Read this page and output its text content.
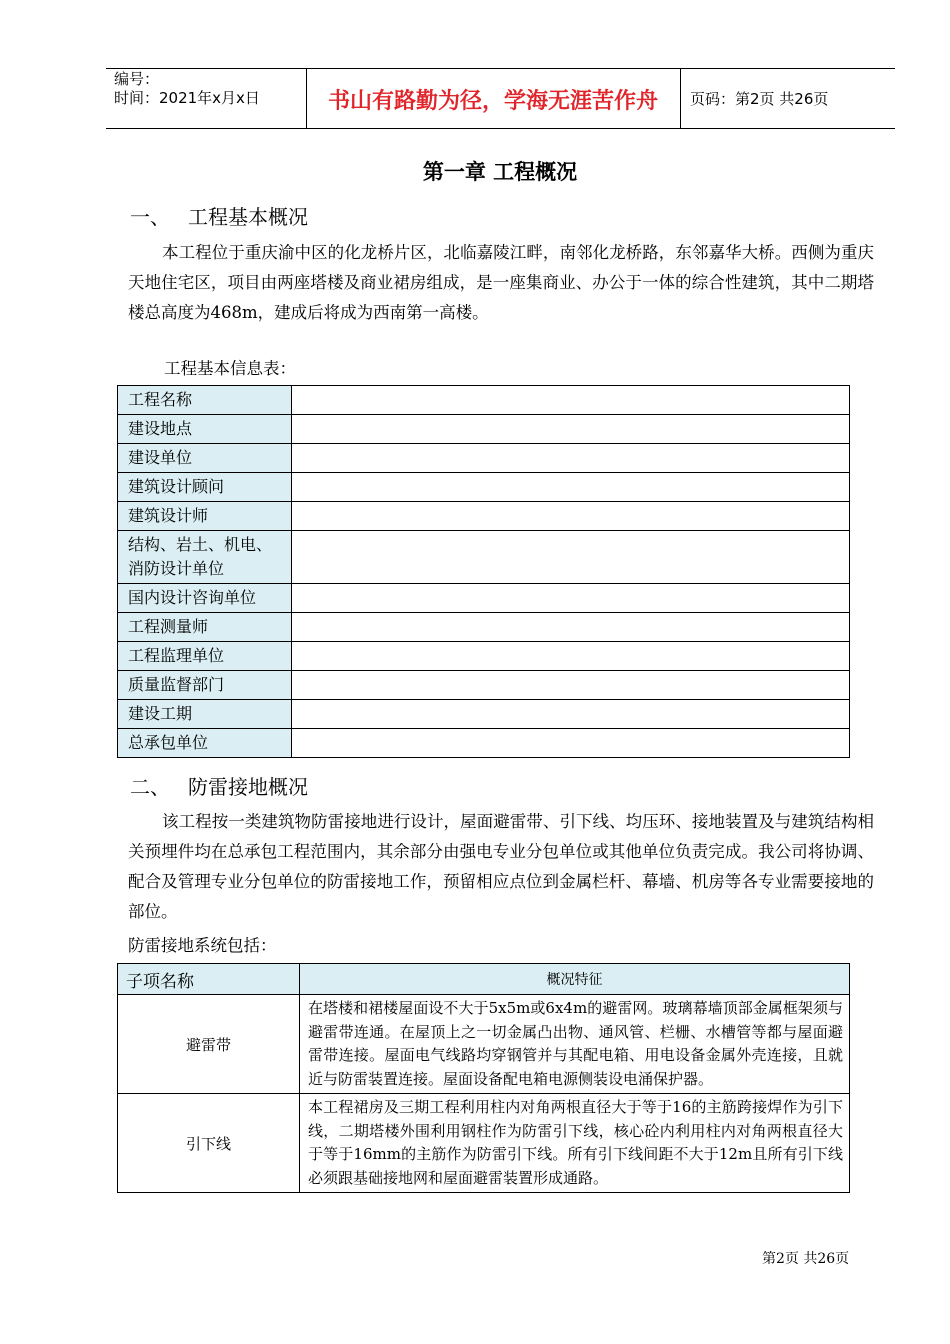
编号：
时间：2021年x月x日	书山有路勤为径，学海无涯苦作舟	页码：第2页 共26页
第一章 工程概况
一、 工程基本概况
本工程位于重庆渝中区的化龙桥片区，北临嘉陵江畔，南邻化龙桥路，东邻嘉华大桥。西侧为重庆天地住宅区，项目由两座塔楼及商业裙房组成，是一座集商业、办公于一体的综合性建筑，其中二期塔楼总高度为468m，建成后将成为西南第一高楼。
工程基本信息表：
工程名称	
建设地点	
建设单位	
建筑设计顾问	
建筑设计师	
结构、岩土、机电、消防设计单位	
国内设计咨询单位	
工程测量师	
工程监理单位	
质量监督部门	
建设工期	
总承包单位	
二、 防雷接地概况
该工程按一类建筑物防雷接地进行设计，屋面避雷带、引下线、均压环、接地装置及与建筑结构相关预埋件均在总承包工程范围内，其余部分由强电专业分包单位或其他单位负责完成。我公司将协调、配合及管理专业分包单位的防雷接地工作，预留相应点位到金属栏杆、幕墙、机房等各专业需要接地的部位。
防雷接地系统包括：
子项名称	概况特征
避雷带	在塔楼和裙楼屋面设不大于5x5m或6x4m的避雷网。玻璃幕墙顶部金属框架须与避雷带连通。在屋顶上之一切金属凸出物、通风管、栏栅、水槽管等都与屋面避雷带连接。屋面电气线路均穿钢管并与其配电箱、用电设备金属外壳连接，且就近与防雷装置连接。屋面设备配电箱电源侧装设电涌保护器。
引下线	本工程裙房及三期工程利用柱内对角两根直径大于等于16的主筋跨接焊作为引下线，二期塔楼外围利用钢柱作为防雷引下线，核心砼内利用柱内对角两根直径大于等于16mm的主筋作为防雷引下线。所有引下线间距不大于12m且所有引下线必须跟基础接地网和屋面避雷装置形成通路。
第2页 共26页
